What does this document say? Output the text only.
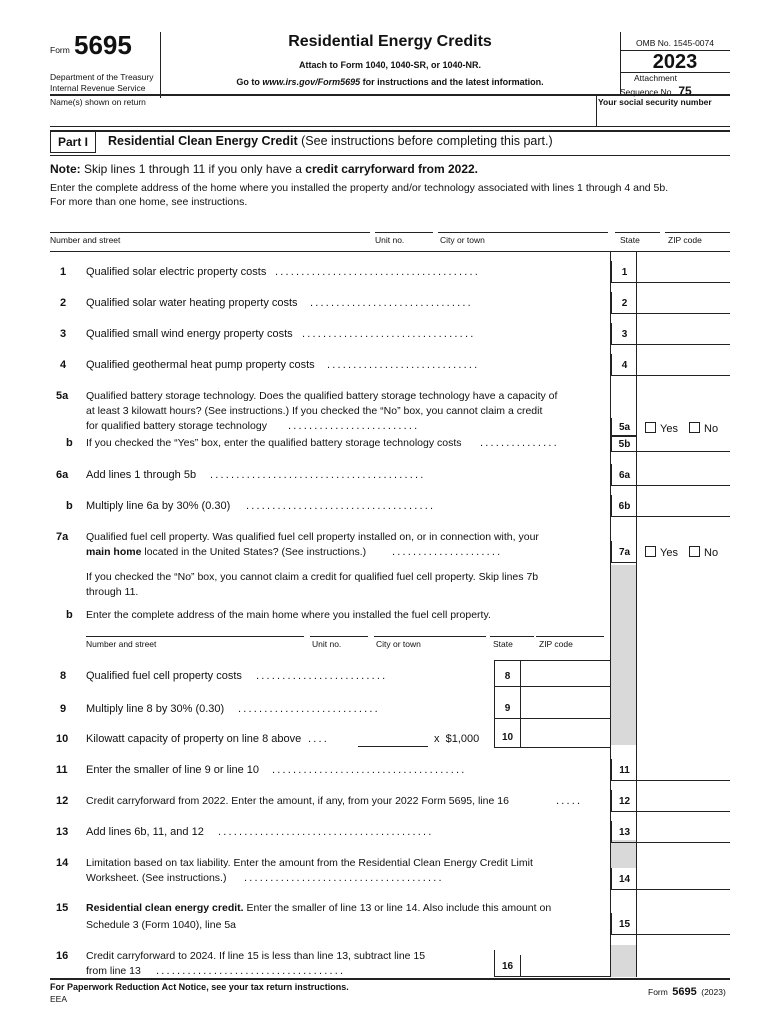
Form 5695
Department of the Treasury
Internal Revenue Service
Residential Energy Credits
Attach to Form 1040, 1040-SR, or 1040-NR.
Go to www.irs.gov/Form5695 for instructions and the latest information.
OMB No. 1545-0074
2023
Attachment
Sequence No. 75
Name(s) shown on return	Your social security number
Part I	Residential Clean Energy Credit (See instructions before completing this part.)
Note: Skip lines 1 through 11 if you only have a credit carryforward from 2022.
Enter the complete address of the home where you installed the property and/or technology associated with lines 1 through 4 and 5b.
For more than one home, see instructions.
Number and street	Unit no.	City or town	State	ZIP code
1 Qualified solar electric property costs .......................................	1
2 Qualified solar water heating property costs ...............................	2
3 Qualified small wind energy property costs .................................	3
4 Qualified geothermal heat pump property costs .............................	4
5a Qualified battery storage technology. Does the qualified battery storage technology have a capacity of
at least 3 kilowatt hours? (See instructions.) If you checked the “No” box, you cannot claim a credit
for qualified battery storage technology .........................	5a	Yes No
b If you checked the “Yes” box, enter the qualified battery storage technology costs ...............	5b
6a Add lines 1 through 5b .........................................	6a
b Multiply line 6a by 30% (0.30) ....................................	6b
7a Qualified fuel cell property. Was qualified fuel cell property installed on, or in connection with, your
main home located in the United States? (See instructions.) .....................
If you checked the “No” box, you cannot claim a credit for qualified fuel cell property. Skip lines 7b
through 11.
7a	Yes No
b Enter the complete address of the main home where you installed the fuel cell property.
Number and street	Unit no.	City or town	State	ZIP code
8 Qualified fuel cell property costs .........................	8
9 Multiply line 8 by 30% (0.30) ...........................	9
10 Kilowatt capacity of property on line 8 above ....	x  $1,000	10
11 Enter the smaller of line 9 or line 10 .....................................	11
12 Credit carryforward from 2022. Enter the amount, if any, from your 2022 Form 5695, line 16	.....	12
13 Add lines 6b, 11, and 12 .........................................	13
14 Limitation based on tax liability. Enter the amount from the Residential Clean Energy Credit Limit
Worksheet. (See instructions.) ......................................	14
15 Residential clean energy credit. Enter the smaller of line 13 or line 14. Also include this amount on
Schedule 3 (Form 1040), line 5a	15
16 Credit carryforward to 2024. If line 15 is less than line 13, subtract line 15
from line 13 ....................................	16
For Paperwork Reduction Act Notice, see your tax return instructions.
EEA
Form 5695 (2023)
